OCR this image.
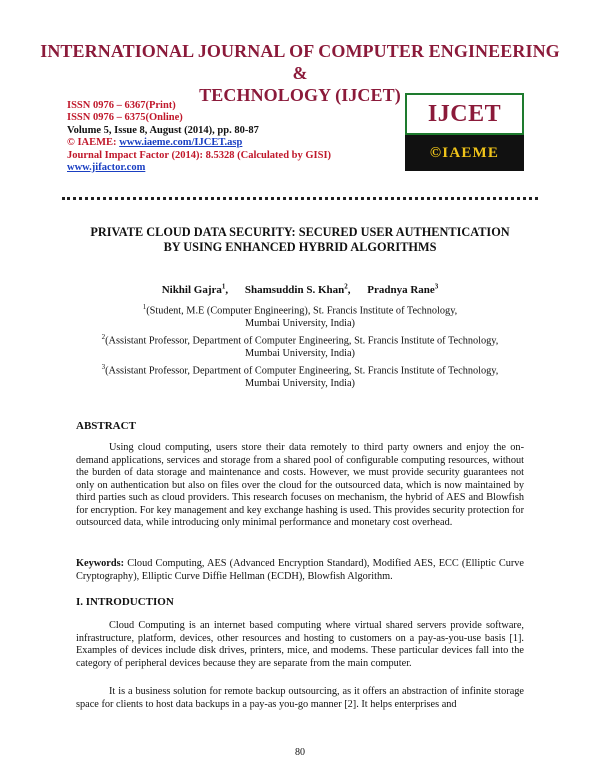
INTERNATIONAL JOURNAL OF COMPUTER ENGINEERING &
TECHNOLOGY (IJCET)
ISSN 0976 – 6367(Print)
ISSN 0976 – 6375(Online)
Volume 5, Issue 8, August (2014), pp. 80-87
© IAEME: www.iaeme.com/IJCET.asp
Journal Impact Factor (2014): 8.5328 (Calculated by GISI)
www.jifactor.com
IJCET
©IAEME
PRIVATE CLOUD DATA SECURITY: SECURED USER AUTHENTICATION
BY USING ENHANCED HYBRID ALGORITHMS
Nikhil Gajra$^1$, Shamsuddin S. Khan$^2$, Pradnya Rane$^3$
$^1$(Student, M.E (Computer Engineering), St. Francis Institute of Technology,
Mumbai University, India)
$^2$(Assistant Professor, Department of Computer Engineering, St. Francis Institute of Technology,
Mumbai University, India)
$^3$(Assistant Professor, Department of Computer Engineering, St. Francis Institute of Technology,
Mumbai University, India)
ABSTRACT
Using cloud computing, users store their data remotely to third party owners and enjoy the on-demand applications, services and storage from a shared pool of configurable computing resources, without the burden of data storage and maintenance and costs. However, we must provide security guarantees not only on authentication but also on files over the cloud for the outsourced data, which is now maintained by third parties such as cloud providers. This research focuses on mechanism, the hybrid of AES and Blowfish for encryption. For key management and key exchange hashing is used. This provides security protection for outsourced data, while introducing only minimal performance and monetary cost overhead.
Keywords: Cloud Computing, AES (Advanced Encryption Standard), Modified AES, ECC (Elliptic Curve Cryptography), Elliptic Curve Diffie Hellman (ECDH), Blowfish Algorithm.
I. INTRODUCTION
Cloud Computing is an internet based computing where virtual shared servers provide software, infrastructure, platform, devices, other resources and hosting to customers on a pay-as-you-use basis [1]. Examples of devices include disk drives, printers, mice, and modems. These particular devices fall into the category of peripheral devices because they are separate from the main computer.
It is a business solution for remote backup outsourcing, as it offers an abstraction of infinite storage space for clients to host data backups in a pay-as you-go manner [2]. It helps enterprises and
80
